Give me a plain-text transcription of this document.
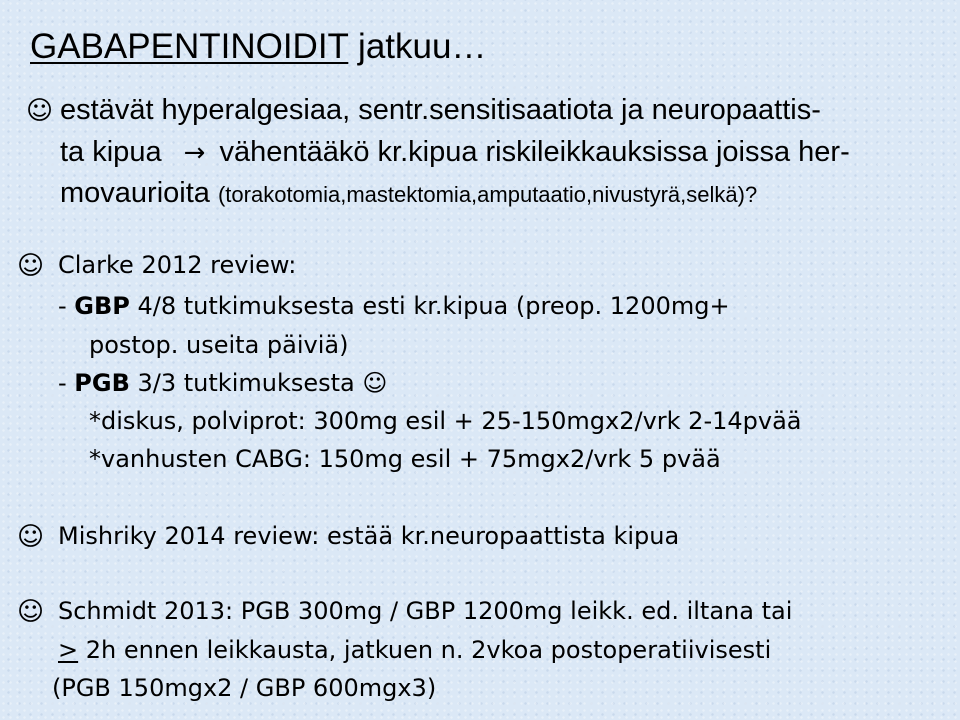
GABAPENTINOIDIT jatkuu…
☺ estävät hyperalgesiaa, sentr.sensitisaatiota ja neuropaattis-
ta kipua → vähentääkö kr.kipua riskileikkauksissa joissa her-
movaurioita (torakotomia,mastektomia,amputaatio,nivustyrä,selkä)?
☺ Clarke 2012 review:
- GBP 4/8 tutkimuksesta esti kr.kipua (preop. 1200mg+
postop. useita päiviä)
- PGB 3/3 tutkimuksesta ☺
*diskus, polviprot: 300mg esil + 25-150mgx2/vrk 2-14pvää
*vanhusten CABG: 150mg esil + 75mgx2/vrk 5 pvää
☺ Mishriky 2014 review: estää kr.neuropaattista kipua
☺ Schmidt 2013: PGB 300mg / GBP 1200mg leikk. ed. iltana tai
≥ 2h ennen leikkausta, jatkuen n. 2vkoa postoperatiivisesti
(PGB 150mgx2 / GBP 600mgx3)
